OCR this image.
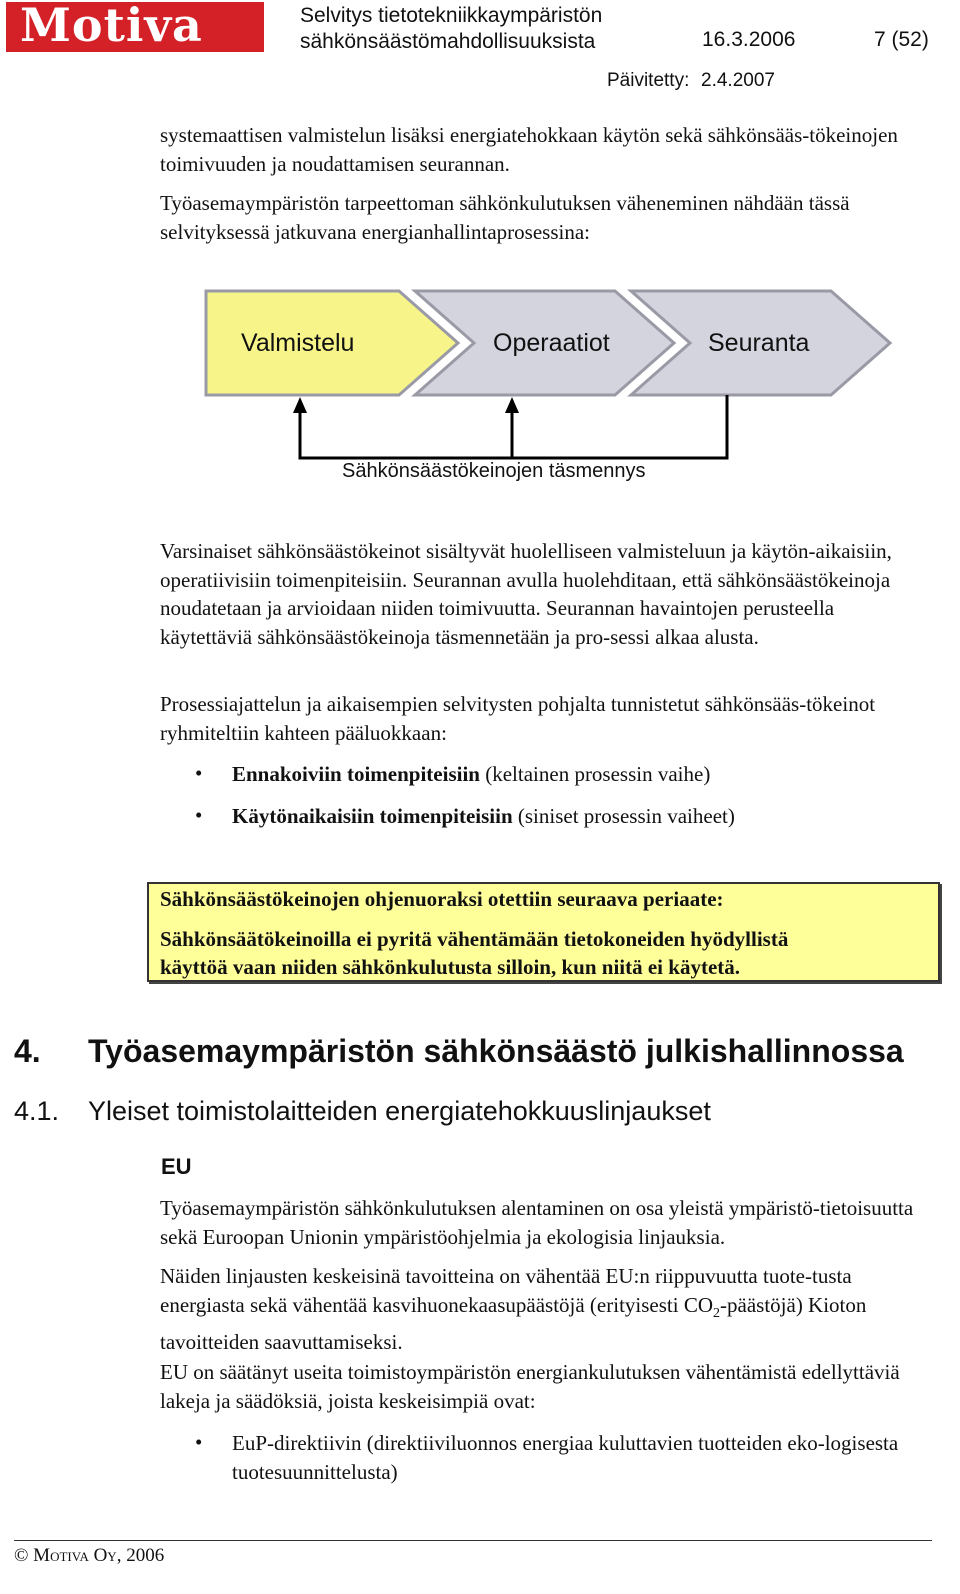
Motiva	Selvitys tietotekniikkaympäristön
sähkönsäästömahdollisuuksista	16.3.2006	7 (52)
Päivitetty: 2.4.2007

systemaattisen valmistelun lisäksi energiatehokkaan käytön sekä sähkönsääs-tökeinojen toimivuuden ja noudattamisen seurannan.

Työasemaympäristön tarpeettoman sähkönkulutuksen väheneminen nähdään tässä selvityksessä jatkuvana energianhallintaprosessina:

Valmistelu	Operaatiot	Seuranta
Sähkönsäästökeinojen täsmennys

Varsinaiset sähkönsäästökeinot sisältyvät huolelliseen valmisteluun ja käytön-aikaisiin, operatiivisiin toimenpiteisiin. Seurannan avulla huolehditaan, että sähkönsäästökeinoja noudatetaan ja arvioidaan niiden toimivuutta. Seurannan havaintojen perusteella käytettäviä sähkönsäästökeinoja täsmennetään ja pro-sessi alkaa alusta.

Prosessiajattelun ja aikaisempien selvitysten pohjalta tunnistetut sähkönsääs-tökeinot ryhmiteltiin kahteen pääluokkaan:

• Ennakoiviin toimenpiteisiin (keltainen prosessin vaihe)
• Käytönaikaisiin toimenpiteisiin (siniset prosessin vaiheet)
Sähkönsäästökeinojen ohjenuoraksi otettiin seuraava periaate:
Sähkönsäätökeinoilla ei pyritä vähentämään tietokoneiden hyödyllistä
käyttöä vaan niiden sähkönkulutusta silloin, kun niitä ei käytetä.
4. Työasemaympäristön sähkönsäästö julkishallinnossa
4.1. Yleiset toimistolaitteiden energiatehokkuuslinjaukset
EU

Työasemaympäristön sähkönkulutuksen alentaminen on osa yleistä ympäristö-tietoisuutta sekä Euroopan Unionin ympäristöohjelmia ja ekologisia linjauksia.

Näiden linjausten keskeisinä tavoitteina on vähentää EU:n riippuvuutta tuote-tusta energiasta sekä vähentää kasvihuonekaasupäästöjä (erityisesti $CO_2-päästöjä$) Kioton tavoitteiden saavuttamiseksi.

EU on säätänyt useita toimistoympäristön energiankulutuksen vähentämistä edellyttäviä lakeja ja säädöksiä, joista keskeisimpiä ovat:

• EuP-direktiivin (direktiiviluonnos energiaa kuluttavien tuotteiden eko-logisesta tuotesuunnittelusta)
© Motiva Oy, 2006
